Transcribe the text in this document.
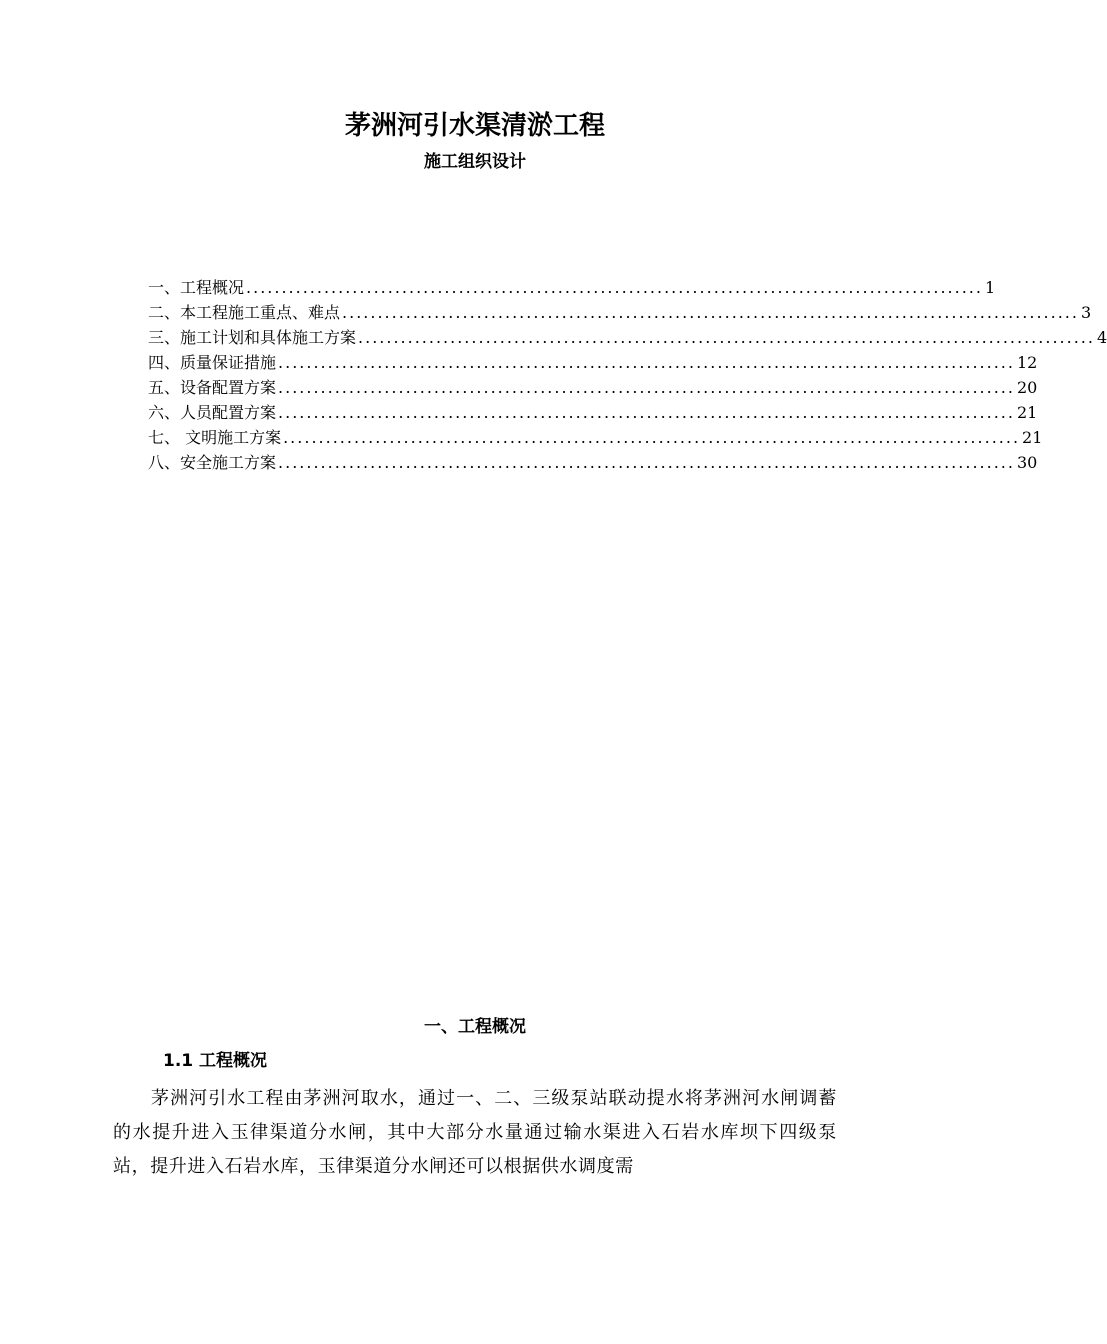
茅洲河引水渠清淤工程
施工组织设计
一、工程概况 ........................................................................................................ 1
二、本工程施工重点、难点 ........................................................................................................ 3
三、施工计划和具体施工方案 ........................................................................................................ 4
四、质量保证措施 ........................................................................................................ 12
五、设备配置方案 ........................................................................................................ 20
六、人员配置方案 ........................................................................................................ 21
七、 文明施工方案 ........................................................................................................ 21
八、安全施工方案 ........................................................................................................ 30
一、工程概况
1.1 工程概况
茅洲河引水工程由茅洲河取水，通过一、二、三级泵站联动提水将茅洲河水闸调蓄的水提升进入玉律渠道分水闸，其中大部分水量通过输水渠进入石岩水库坝下四级泵站，提升进入石岩水库，玉律渠道分水闸还可以根据供水调度需
